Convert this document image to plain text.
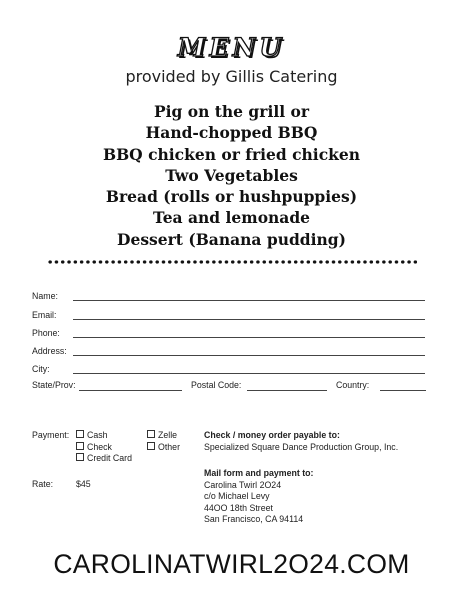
MENU
provided by Gillis Catering
Pig on the grill or
Hand-chopped BBQ
BBQ chicken or fried chicken
Two Vegetables
Bread (rolls or hushpuppies)
Tea and lemonade
Dessert (Banana pudding)
Name:
Email:
Phone:
Address:
City:
State/Prov:	Postal Code:	Country:
Payment:	Cash
Check
Credit Card
Zelle
Other
Check / money order payable to:
Specialized Square Dance Production Group, Inc.
Rate:	$45
Mail form and payment to:
Carolina Twirl 2O24
c/o Michael Levy
44OO 18th Street
San Francisco, CA 94114
CAROLINATWIRL2O24.COM
